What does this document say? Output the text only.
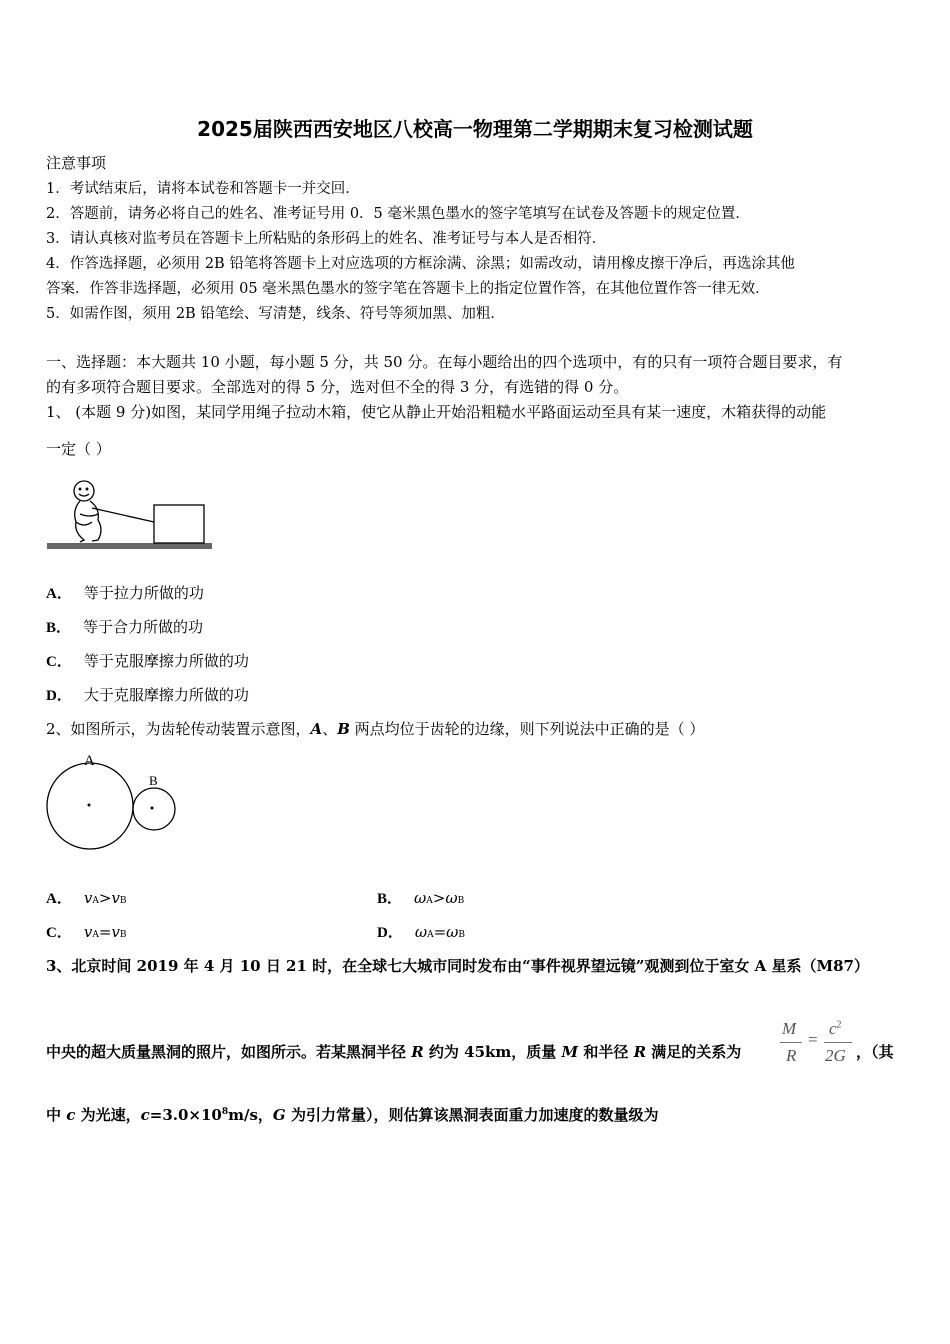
2025届陕西西安地区八校高一物理第二学期期末复习检测试题
注意事项
1．考试结束后，请将本试卷和答题卡一并交回．
2．答题前，请务必将自己的姓名、准考证号用 0．5 毫米黑色墨水的签字笔填写在试卷及答题卡的规定位置．
3．请认真核对监考员在答题卡上所粘贴的条形码上的姓名、准考证号与本人是否相符．
4．作答选择题，必须用 2B 铅笔将答题卡上对应选项的方框涂满、涂黑；如需改动，请用橡皮擦干净后，再选涂其他
答案．作答非选择题，必须用 05 毫米黑色墨水的签字笔在答题卡上的指定位置作答，在其他位置作答一律无效．
5．如需作图，须用 2B 铅笔绘、写清楚，线条、符号等须加黑、加粗．
一、选择题：本大题共 10 小题，每小题 5 分，共 50 分。在每小题给出的四个选项中，有的只有一项符合题目要求，有
的有多项符合题目要求。全部选对的得 5 分，选对但不全的得 3 分，有选错的得 0 分。
1、 (本题 9 分)如图，某同学用绳子拉动木箱，使它从静止开始沿粗糙水平路面运动至具有某一速度，木箱获得的动能
一定（ ）
A． 等于拉力所做的功
B． 等于合力所做的功
C． 等于克服摩擦力所做的功
D． 大于克服摩擦力所做的功
2、如图所示，为齿轮传动装置示意图，A、B 两点均位于齿轮的边缘，则下列说法中正确的是（ ）
A
B
A． vA>vB	B． ωA>ωB
C． vA=vB	D． ωA=ωB
3、北京时间 2019 年 4 月 10 日 21 时，在全球七大城市同时发布由“事件视界望远镜”观测到位于室女 A 星系（M87）
中央的超大质量黑洞的照片，如图所示。若某黑洞半径 R 约为 45km，质量 M 和半径 R 满足的关系为
M
R
=
$c^2$
2G ，（其
中 c 为光速，$c=3.0\times 10^8m/s$，G 为引力常量），则估算该黑洞表面重力加速度的数量级为
